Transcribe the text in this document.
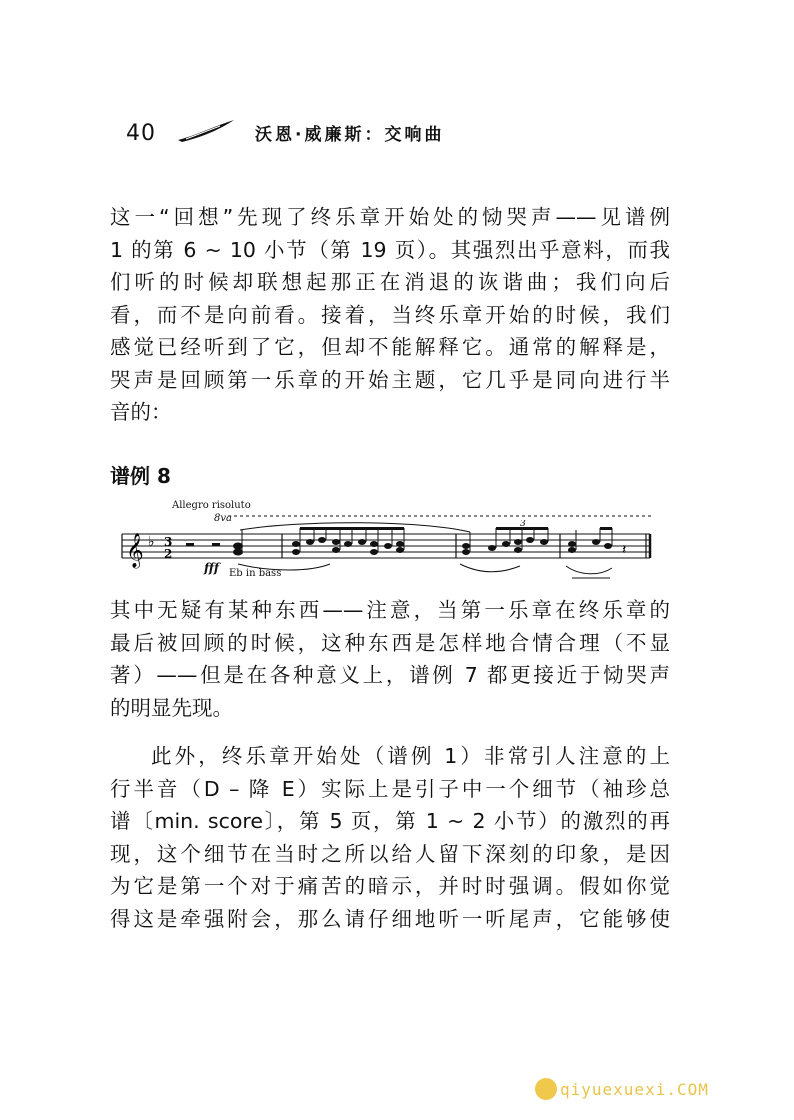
40	沃恩·威廉斯：交响曲
这一“回想”先现了终乐章开始处的恸哭声——见谱例
1 的第 6 ~ 10 小节（第 19 页）。其强烈出乎意料，而我
们听的时候却联想起那正在消退的诙谐曲；我们向后
看，而不是向前看。接着，当终乐章开始的时候，我们
感觉已经听到了它，但却不能解释它。通常的解释是，
哭声是回顾第一乐章的开始主题，它几乎是同向进行半
音的：
谱例 8
Allegro risoluto
8va
𝄞 ♭ 3
2
3
𝄽
fff Eb in bass
其中无疑有某种东西——注意，当第一乐章在终乐章的
最后被回顾的时候，这种东西是怎样地合情合理（不显
著）——但是在各种意义上，谱例 7 都更接近于恸哭声
的明显先现。
此外，终乐章开始处（谱例 1）非常引人注意的上
行半音（D – 降 E）实际上是引子中一个细节（袖珍总
谱〔min. score〕，第 5 页，第 1 ~ 2 小节）的激烈的再
现，这个细节在当时之所以给人留下深刻的印象，是因
为它是第一个对于痛苦的暗示，并时时强调。假如你觉
得这是牵强附会，那么请仔细地听一听尾声，它能够使
qiyuexuexi.COM
